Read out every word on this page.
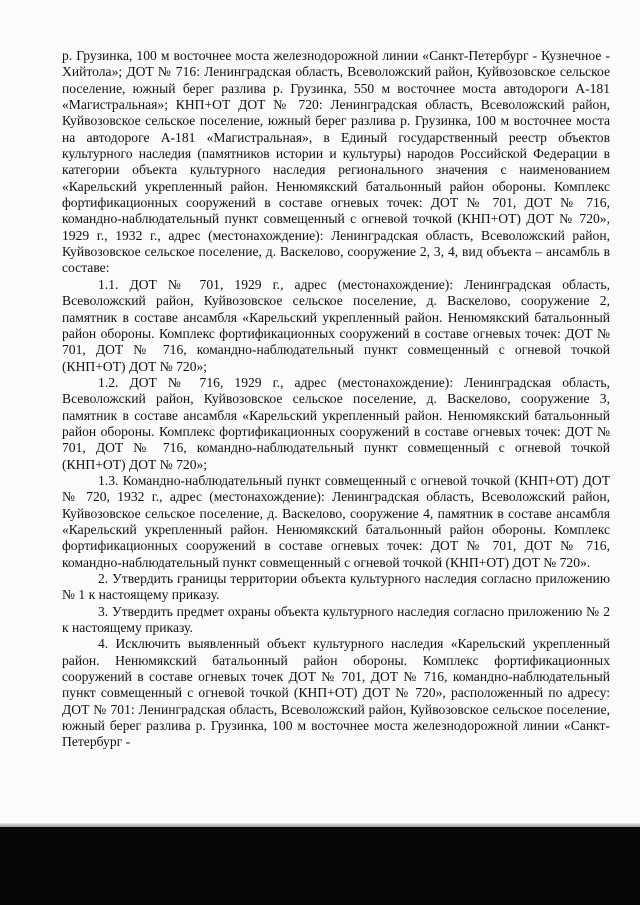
р. Грузинка, 100 м восточнее моста железнодорожной линии «Санкт-Петербург - Кузнечное - Хийтола»; ДОТ № 716: Ленинградская область, Всеволожский район, Куйвозовское сельское поселение, южный берег разлива р. Грузинка, 550 м восточнее моста автодороги А-181 «Магистральная»; КНП+ОТ ДОТ № 720: Ленинградская область, Всеволожский район, Куйвозовское сельское поселение, южный берег разлива р. Грузинка, 100 м восточнее моста на автодороге А-181 «Магистральная», в Единый государственный реестр объектов культурного наследия (памятников истории и культуры) народов Российской Федерации в категории объекта культурного наследия регионального значения с наименованием «Карельский укрепленный район. Ненюмякский батальонный район обороны. Комплекс фортификационных сооружений в составе огневых точек: ДОТ № 701, ДОТ № 716, командно-наблюдательный пункт совмещенный с огневой точкой (КНП+ОТ) ДОТ № 720», 1929 г., 1932 г., адрес (местонахождение): Ленинградская область, Всеволожский район, Куйвозовское сельское поселение, д. Васкелово, сооружение 2, 3, 4, вид объекта – ансамбль в составе:

1.1. ДОТ № 701, 1929 г., адрес (местонахождение): Ленинградская область, Всеволожский район, Куйвозовское сельское поселение, д. Васкелово, сооружение 2, памятник в составе ансамбля «Карельский укрепленный район. Ненюмякский батальонный район обороны. Комплекс фортификационных сооружений в составе огневых точек: ДОТ № 701, ДОТ № 716, командно-наблюдательный пункт совмещенный с огневой точкой (КНП+ОТ) ДОТ № 720»;

1.2. ДОТ № 716, 1929 г., адрес (местонахождение): Ленинградская область, Всеволожский район, Куйвозовское сельское поселение, д. Васкелово, сооружение 3, памятник в составе ансамбля «Карельский укрепленный район. Ненюмякский батальонный район обороны. Комплекс фортификационных сооружений в составе огневых точек: ДОТ № 701, ДОТ № 716, командно-наблюдательный пункт совмещенный с огневой точкой (КНП+ОТ) ДОТ № 720»;

1.3. Командно-наблюдательный пункт совмещенный с огневой точкой (КНП+ОТ) ДОТ № 720, 1932 г., адрес (местонахождение): Ленинградская область, Всеволожский район, Куйвозовское сельское поселение, д. Васкелово, сооружение 4, памятник в составе ансамбля «Карельский укрепленный район. Ненюмякский батальонный район обороны. Комплекс фортификационных сооружений в составе огневых точек: ДОТ № 701, ДОТ № 716, командно-наблюдательный пункт совмещенный с огневой точкой (КНП+ОТ) ДОТ № 720».

2. Утвердить границы территории объекта культурного наследия согласно приложению № 1 к настоящему приказу.

3. Утвердить предмет охраны объекта культурного наследия согласно приложению № 2 к настоящему приказу.

4. Исключить выявленный объект культурного наследия «Карельский укрепленный район. Ненюмякский батальонный район обороны. Комплекс фортификационных сооружений в составе огневых точек ДОТ № 701, ДОТ № 716, командно-наблюдательный пункт совмещенный с огневой точкой (КНП+ОТ) ДОТ № 720», расположенный по адресу: ДОТ № 701: Ленинградская область, Всеволожский район, Куйвозовское сельское поселение, южный берег разлива р. Грузинка, 100 м восточнее моста железнодорожной линии «Санкт-Петербург -
